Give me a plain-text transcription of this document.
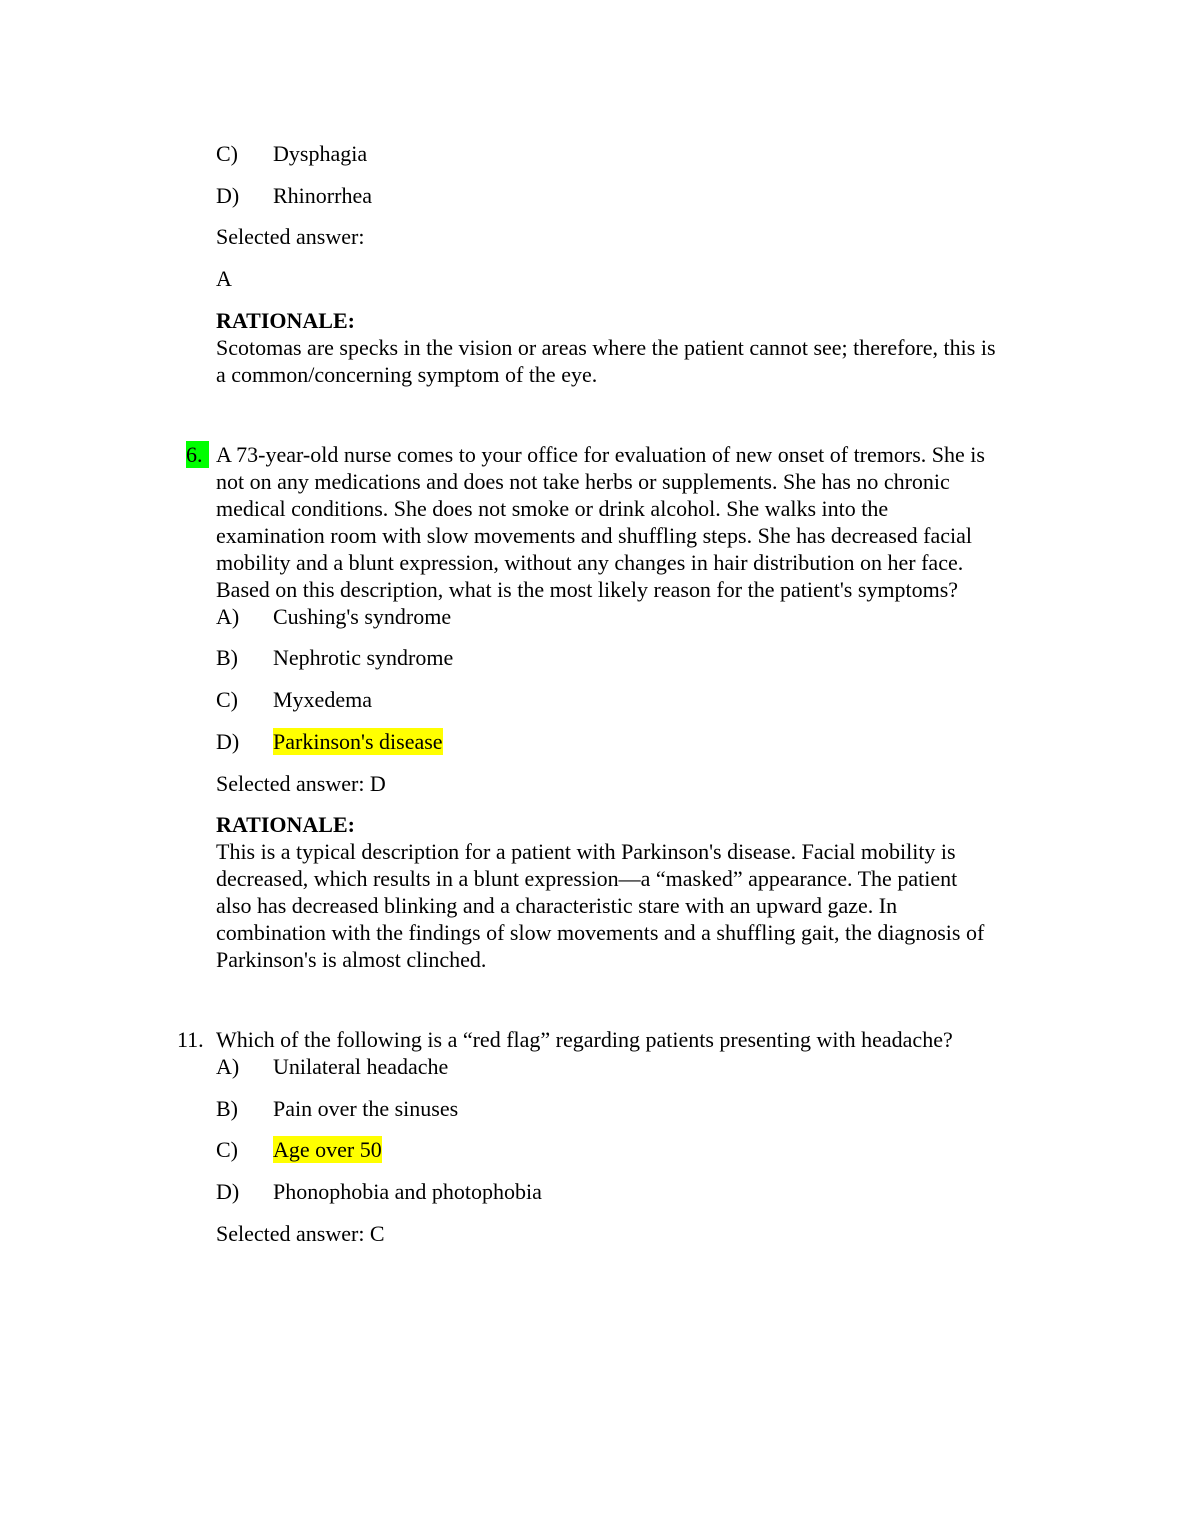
C) Dysphagia
D) Rhinorrhea
Selected answer:
A
RATIONALE:
Scotomas are specks in the vision or areas where the patient cannot see; therefore, this is
a common/concerning symptom of the eye.
6. A 73-year-old nurse comes to your office for evaluation of new onset of tremors. She is
not on any medications and does not take herbs or supplements. She has no chronic
medical conditions. She does not smoke or drink alcohol. She walks into the
examination room with slow movements and shuffling steps. She has decreased facial
mobility and a blunt expression, without any changes in hair distribution on her face.
Based on this description, what is the most likely reason for the patient's symptoms?
A) Cushing's syndrome
B) Nephrotic syndrome
C) Myxedema
D) Parkinson's disease
Selected answer: D
RATIONALE:
This is a typical description for a patient with Parkinson's disease. Facial mobility is
decreased, which results in a blunt expression—a “masked” appearance. The patient
also has decreased blinking and a characteristic stare with an upward gaze. In
combination with the findings of slow movements and a shuffling gait, the diagnosis of
Parkinson's is almost clinched.
11. Which of the following is a “red flag” regarding patients presenting with headache?
A) Unilateral headache
B) Pain over the sinuses
C) Age over 50
D) Phonophobia and photophobia
Selected answer: C
